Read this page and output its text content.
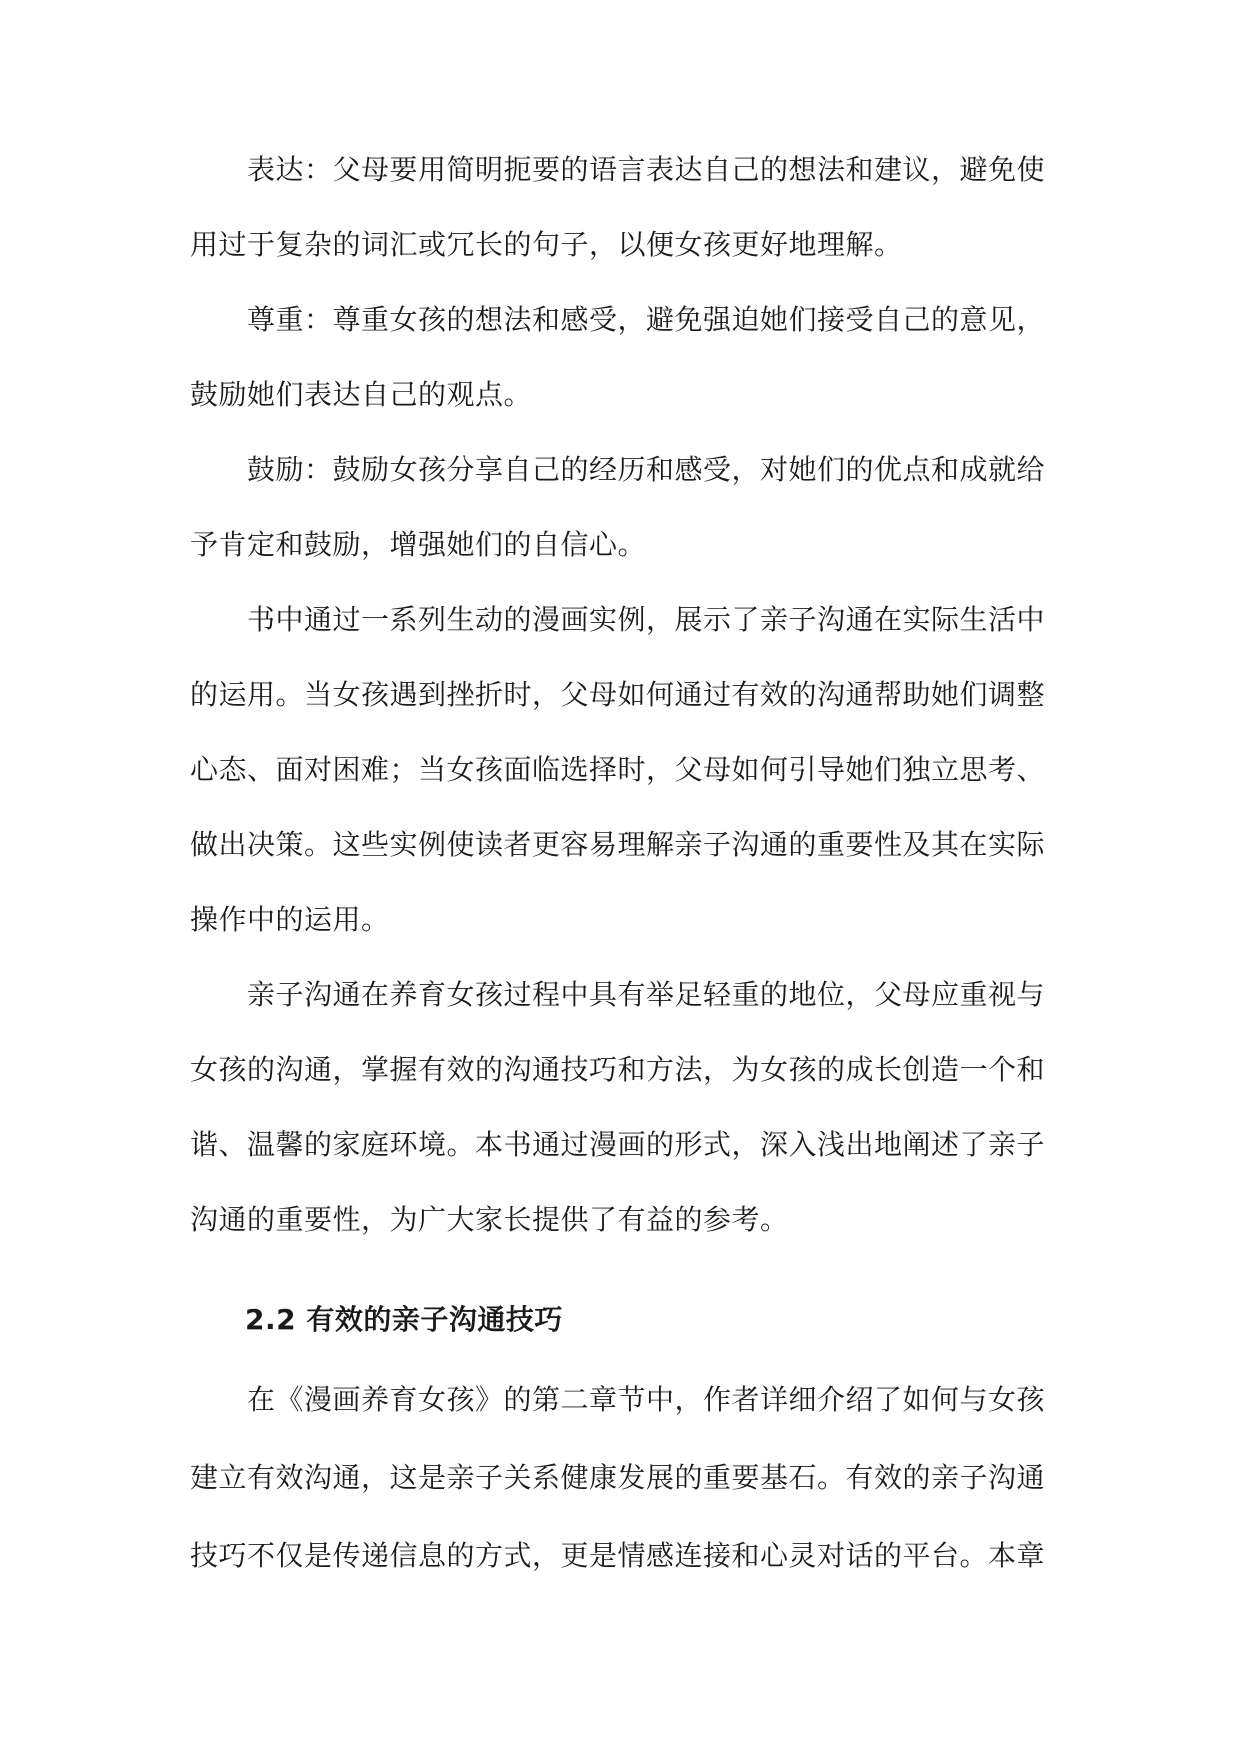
表达：父母要用简明扼要的语言表达自己的想法和建议，避免使

用过于复杂的词汇或冗长的句子，以便女孩更好地理解。

尊重：尊重女孩的想法和感受，避免强迫她们接受自己的意见，

鼓励她们表达自己的观点。

鼓励：鼓励女孩分享自己的经历和感受，对她们的优点和成就给

予肯定和鼓励，增强她们的自信心。

书中通过一系列生动的漫画实例，展示了亲子沟通在实际生活中

的运用。当女孩遇到挫折时，父母如何通过有效的沟通帮助她们调整

心态、面对困难；当女孩面临选择时，父母如何引导她们独立思考、

做出决策。这些实例使读者更容易理解亲子沟通的重要性及其在实际

操作中的运用。

亲子沟通在养育女孩过程中具有举足轻重的地位，父母应重视与

女孩的沟通，掌握有效的沟通技巧和方法，为女孩的成长创造一个和

谐、温馨的家庭环境。本书通过漫画的形式，深入浅出地阐述了亲子

沟通的重要性，为广大家长提供了有益的参考。

2.2 有效的亲子沟通技巧

在《漫画养育女孩》的第二章节中，作者详细介绍了如何与女孩

建立有效沟通，这是亲子关系健康发展的重要基石。有效的亲子沟通

技巧不仅是传递信息的方式，更是情感连接和心灵对话的平台。本章
